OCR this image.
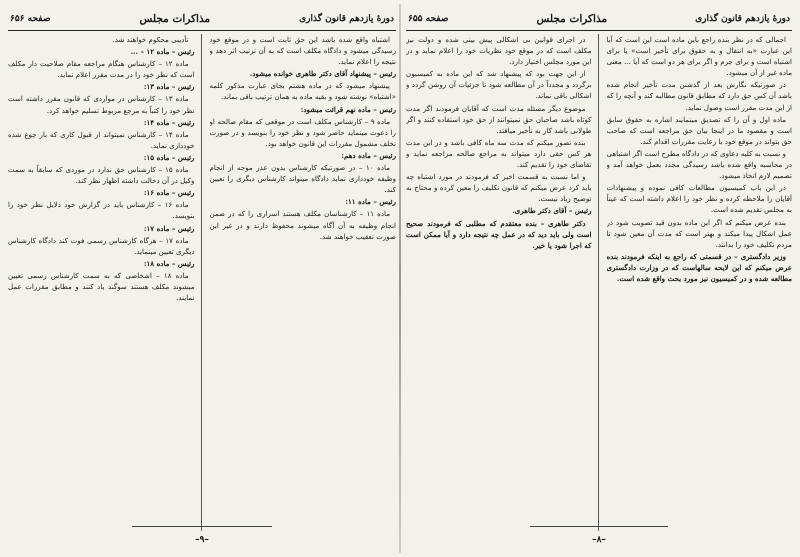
دورهٔ یازدهم قانون گذاری
مذاکرات مجلس
صفحه ۶۵۵

اجمالی که در نظر بنده راجع باین ماده است این است که آیا این عبارت «به انتقال و به حقوق برای تأخیر است» یا برای اشتباه است و برای جرم و اگر برای هر دو است که آیا ... معنی ماده غیر از آن میشود.

در صورتیکه نگارش بعد از گذشتن مدت تأخیر انجام شده باشد آن کس حق دارد که مطابق قانون مطالبه کند و آنچه را که از این مدت مقرر است وصول نماید.

ماده اول و آن را که تصدیق مینمایند اشاره به حقوق سابق است و مقصود ما در اینجا بیان حق مراجعه است که صاحب حق بتواند در موقع خود با رعایت مقررات اقدام کند.

و نسبت به کلیه دعاوی که در دادگاه مطرح است اگر اشتباهی در محاسبه واقع شده باشد رسیدگی مجدد بعمل خواهد آمد و تصمیم لازم اتخاذ میشود.

در این باب کمیسیون مطالعات کافی نموده و پیشنهادات آقایان را ملاحظه کرده و نظر خود را اعلام داشته است که عیناً به مجلس تقدیم شده است.

بنده عرض میکنم که اگر این ماده بدون قید تصویب شود در عمل اشکال پیدا میکند و بهتر است که مدت آن معین شود تا مردم تکلیف خود را بدانند.

وزیر دادگستری – در قسمتی که راجع به اینکه فرمودند بنده عرض میکنم که این لایحه سالهاست که در وزارت دادگستری مطالعه شده و در کمیسیون نیز مورد بحث واقع شده است.

در اجرای قوانین بی اشکالی پیش بینی شده و دولت نیز مکلف است که در موقع خود نظریات خود را اعلام نماید و در این مورد مجلس اختیار دارد.

از این جهت بود که پیشنهاد شد که این ماده به کمیسیون برگردد و مجدداً در آن مطالعه شود تا جزئیات آن روشن گردد و اشکالی باقی نماند.

موضوع دیگر مسئله مدت است که آقایان فرمودند اگر مدت کوتاه باشد صاحبان حق نمیتوانند از حق خود استفاده کنند و اگر طولانی باشد کار به تأخیر میافتد.

بنده تصور میکنم که مدت سه ماه کافی باشد و در این مدت هر کس حقی دارد میتواند به مراجع صالحه مراجعه نماید و تقاضای خود را تقدیم کند.

و اما نسبت به قسمت اخیر که فرمودند در مورد اشتباه چه باید کرد عرض میکنم که قانون تکلیف را معین کرده و محتاج به توضیح زیاد نیست.

رئیس – آقای دکتر طاهری.

دکتر طاهری – بنده معتقدم که مطلبی که فرمودند صحیح است ولی باید دید که در عمل چه نتیجه دارد و آیا ممکن است که اجرا شود یا خیر.

–۸–
دورهٔ یازدهم قانون گذاری
مذاکرات مجلس
صفحه ۶۵۶

اشتباه واقع شده باشد این حق ثابت است و در موقع خود رسیدگی میشود و دادگاه مکلف است که به آن ترتیب اثر دهد و نتیجه را اعلام نماید.

رئیس – پیشنهاد آقای دکتر طاهری خوانده میشود.

پیشنهاد میشود که در ماده هشتم بجای عبارت مذکور کلمه «اشتباه» نوشته شود و بقیه ماده به همان ترتیب باقی بماند.

رئیس – ماده نهم قرائت میشود:

ماده ۹ – کارشناس مکلف است در موقعی که مقام صالحه او را دعوت مینماید حاضر شود و نظر خود را بنویسد و در صورت تخلف مشمول مقررات این قانون خواهد بود.

رئیس – ماده دهم:

ماده ۱۰ – در صورتیکه کارشناس بدون عذر موجه از انجام وظیفه خودداری نماید دادگاه میتواند کارشناس دیگری را تعیین کند.

رئیس – ماده ۱۱:

ماده ۱۱ – کارشناسان مکلف هستند اسراری را که در ضمن انجام وظیفه به آن آگاه میشوند محفوظ دارند و در غیر این صورت تعقیب خواهند شد.

تأدیبی محکوم خواهند شد.

رئیس – ماده ۱۲ – ...

ماده ۱۲ – کارشناس هنگام مراجعه مقام صلاحیت دار مکلف است که نظر خود را در مدت مقرر اعلام نماید.

رئیس – ماده ۱۳:

ماده ۱۳ – کارشناس در مواردی که قانون مقرر داشته است نظر خود را کتباً به مرجع مربوط تسلیم خواهد کرد.

رئیس – ماده ۱۴:

ماده ۱۴ – کارشناس نمیتواند از قبول کاری که بار جوع شده خودداری نماید.

رئیس – ماده ۱۵:

ماده ۱۵ – کارشناس حق ندارد در موردی که سابقاً به سمت وکیل در آن دخالت داشته اظهار نظر کند.

رئیس – ماده ۱۶:

ماده ۱۶ – کارشناس باید در گزارش خود دلایل نظر خود را بنویسد.

رئیس – ماده ۱۷:

ماده ۱۷ – هرگاه کارشناس رسمی فوت کند دادگاه کارشناس دیگری تعیین مینماید.

رئیس – ماده ۱۸:

ماده ۱۸ – اشخاصی که به سمت کارشناس رسمی تعیین میشوند مکلف هستند سوگند یاد کنند و مطابق مقررات عمل نمایند.

–۹–
